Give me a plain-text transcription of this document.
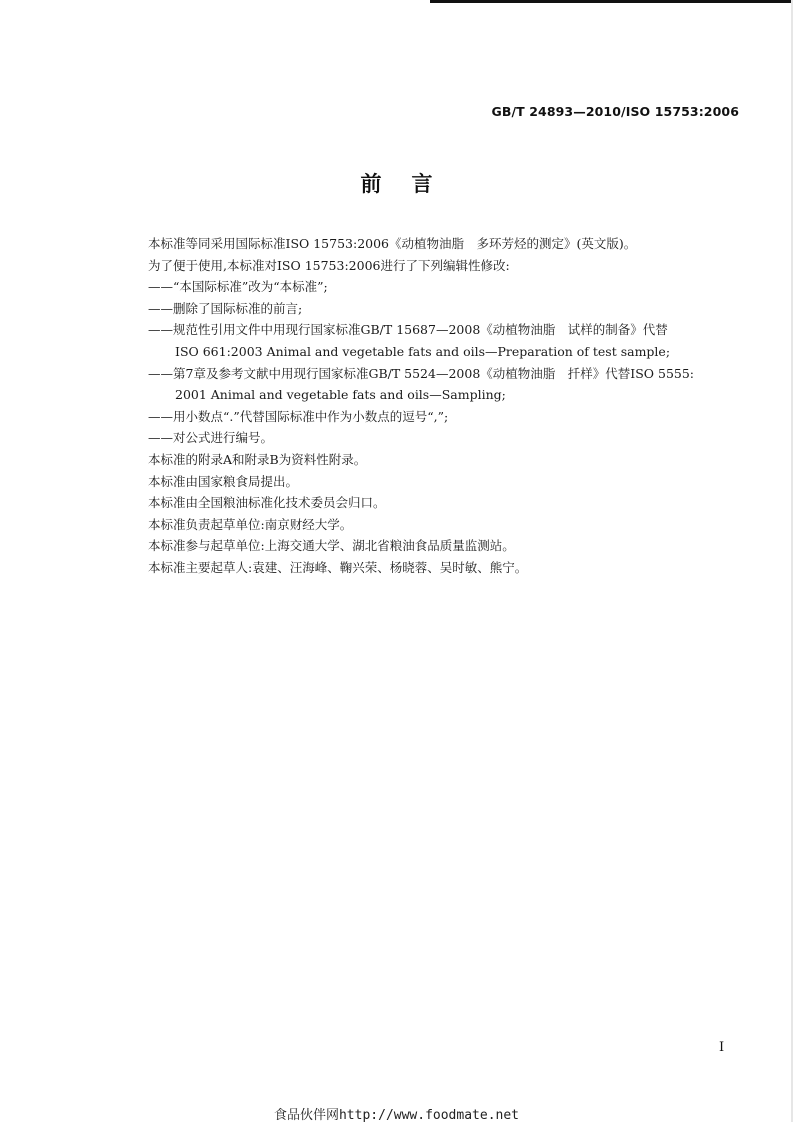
GB/T 24893—2010/ISO 15753:2006
前言
本标准等同采用国际标准ISO 15753:2006《动植物油脂　多环芳烃的测定》(英文版)。
为了便于使用,本标准对ISO 15753:2006进行了下列编辑性修改:
——“本国际标准”改为“本标准”;
——删除了国际标准的前言;
——规范性引用文件中用现行国家标准GB/T 15687—2008《动植物油脂　试样的制备》代替
ISO 661:2003 Animal and vegetable fats and oils—Preparation of test sample;
——第7章及参考文献中用现行国家标准GB/T 5524—2008《动植物油脂　扦样》代替ISO 5555:
2001 Animal and vegetable fats and oils—Sampling;
——用小数点“.”代替国际标准中作为小数点的逗号“,”;
——对公式进行编号。
本标准的附录A和附录B为资料性附录。
本标准由国家粮食局提出。
本标准由全国粮油标准化技术委员会归口。
本标准负责起草单位:南京财经大学。
本标准参与起草单位:上海交通大学、湖北省粮油食品质量监测站。
本标准主要起草人:袁建、汪海峰、鞠兴荣、杨晓蓉、吴时敏、熊宁。
I
食品伙伴网http://www.foodmate.net
